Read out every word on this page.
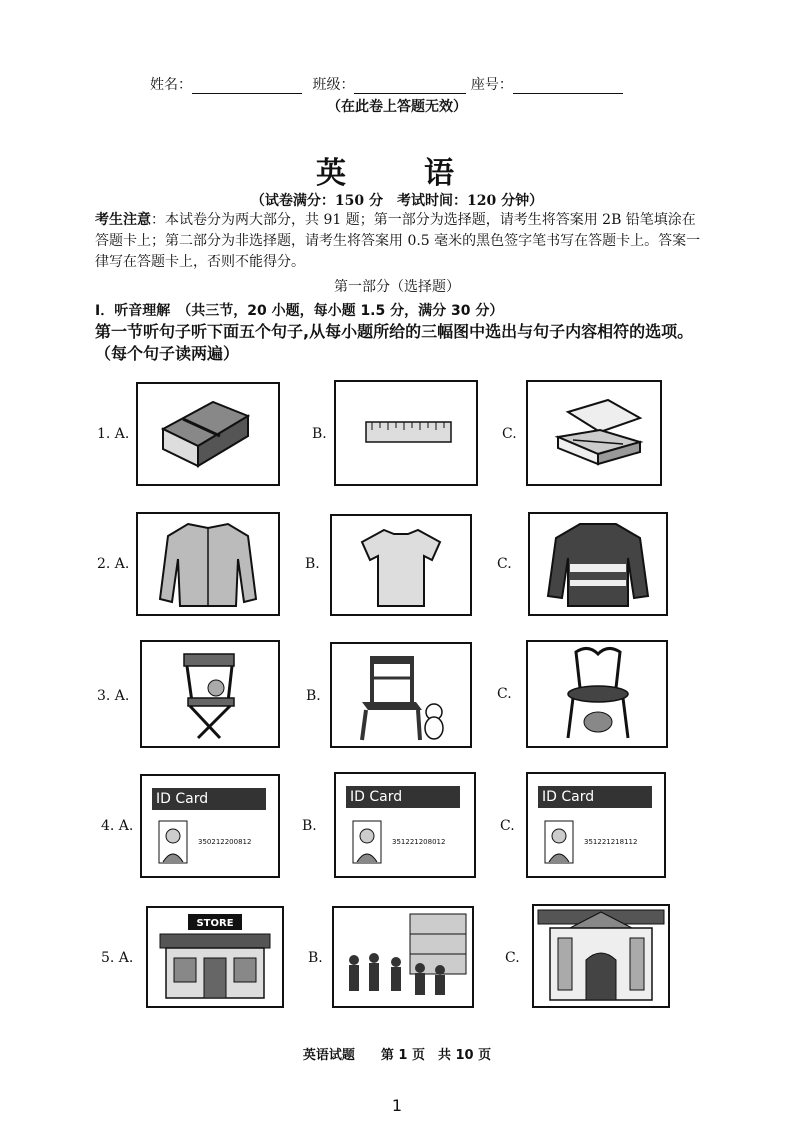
姓名：	班级：	座号：
（在此卷上答题无效）
英　语
（试卷满分：150 分　考试时间：120 分钟）
考生注意：本试卷分为两大部分，共 91 题；第一部分为选择题，请考生将答案用 2B 铅笔填涂在答题卡上；第二部分为非选择题，请考生将答案用 0.5 毫米的黑色签字笔书写在答题卡上。答案一律写在答题卡上，否则不能得分。
第一部分（选择题）
I．听音理解　（共三节，20 小题，每小题 1.5 分，满分 30 分）
第一节听句子听下面五个句子,从每小题所给的三幅图中选出与句子内容相符的选项。（每个句子读两遍）
1. A.	B.	C.
2. A.	B.	C.
3. A.	B.	C.
4. A.	B.	C.
ID Card
350212200812
ID Card
351221208012
ID Card
351221218112
5. A.	B.	C.
STORE
英语试题　　第 1 页　共 10 页
1
